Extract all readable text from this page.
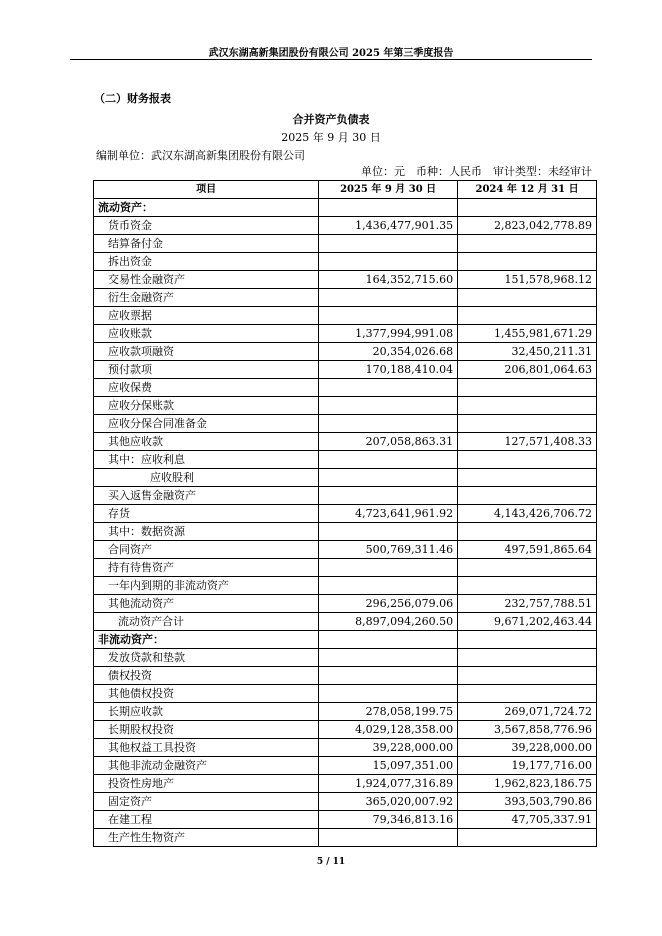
武汉东湖高新集团股份有限公司 2025 年第三季度报告
（二）财务报表
合并资产负债表
2025 年 9 月 30 日
编制单位：武汉东湖高新集团股份有限公司
单位：元　币种：人民币　审计类型：未经审计
项目	2025 年 9 月 30 日	2024 年 12 月 31 日
流动资产：		
货币资金	1,436,477,901.35	2,823,042,778.89
结算备付金		
拆出资金		
交易性金融资产	164,352,715.60	151,578,968.12
衍生金融资产		
应收票据		
应收账款	1,377,994,991.08	1,455,981,671.29
应收款项融资	20,354,026.68	32,450,211.31
预付款项	170,188,410.04	206,801,064.63
应收保费		
应收分保账款		
应收分保合同准备金		
其他应收款	207,058,863.31	127,571,408.33
其中：应收利息		
应收股利		
买入返售金融资产		
存货	4,723,641,961.92	4,143,426,706.72
其中：数据资源		
合同资产	500,769,311.46	497,591,865.64
持有待售资产		
一年内到期的非流动资产		
其他流动资产	296,256,079.06	232,757,788.51
流动资产合计	8,897,094,260.50	9,671,202,463.44
非流动资产：		
发放贷款和垫款		
债权投资		
其他债权投资		
长期应收款	278,058,199.75	269,071,724.72
长期股权投资	4,029,128,358.00	3,567,858,776.96
其他权益工具投资	39,228,000.00	39,228,000.00
其他非流动金融资产	15,097,351.00	19,177,716.00
投资性房地产	1,924,077,316.89	1,962,823,186.75
固定资产	365,020,007.92	393,503,790.86
在建工程	79,346,813.16	47,705,337.91
生产性生物资产		
5 / 11
